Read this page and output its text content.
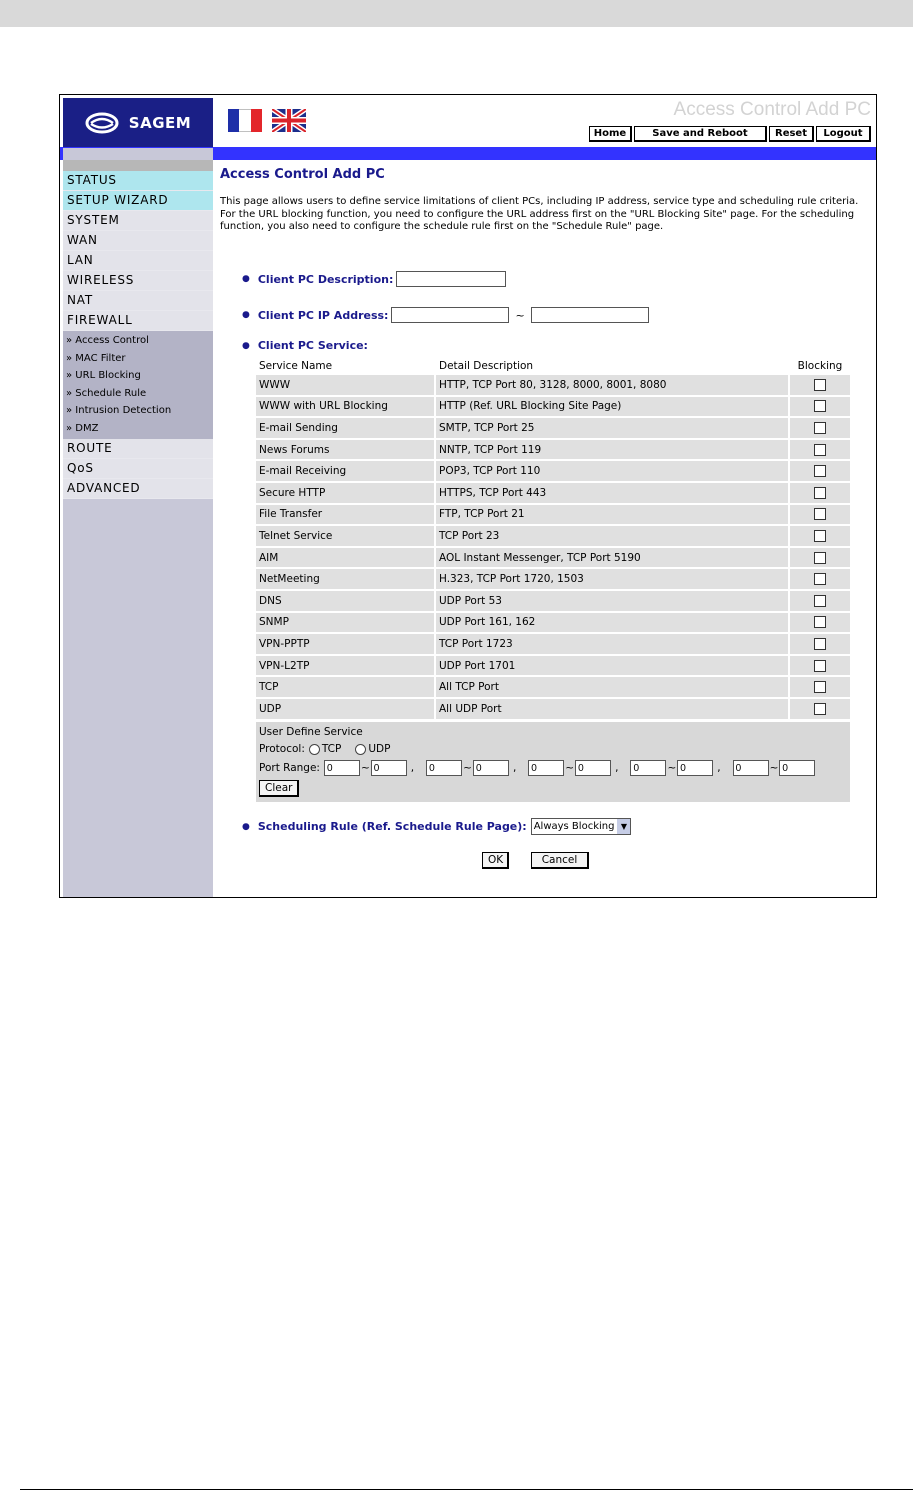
SAGEM
Access Control Add PC
Home	Save and Reboot	Reset	Logout
STATUS
SETUP WIZARD
SYSTEM
WAN
LAN
WIRELESS
NAT
FIREWALL
» Access Control
» MAC Filter
» URL Blocking
» Schedule Rule
» Intrusion Detection
» DMZ
ROUTE
QoS
ADVANCED
Access Control Add PC
This page allows users to define service limitations of client PCs, including IP address, service type and scheduling rule criteria. For the URL blocking function, you need to configure the URL address first on the "URL Blocking Site" page. For the scheduling function, you also need to configure the schedule rule first on the "Schedule Rule" page.
● Client PC Description:
● Client PC IP Address:	~
● Client PC Service:
Service Name	Detail Description	Blocking
WWW	HTTP, TCP Port 80, 3128, 8000, 8001, 8080	
WWW with URL Blocking	HTTP (Ref. URL Blocking Site Page)	
E-mail Sending	SMTP, TCP Port 25	
News Forums	NNTP, TCP Port 119	
E-mail Receiving	POP3, TCP Port 110	
Secure HTTP	HTTPS, TCP Port 443	
File Transfer	FTP, TCP Port 21	
Telnet Service	TCP Port 23	
AIM	AOL Instant Messenger, TCP Port 5190	
NetMeeting	H.323, TCP Port 1720, 1503	
DNS	UDP Port 53	
SNMP	UDP Port 161, 162	
VPN-PPTP	TCP Port 1723	
VPN-L2TP	UDP Port 1701	
TCP	All TCP Port	
UDP	All UDP Port	
User Define Service
Protocol: TCP	UDP
Port Range:
0	~
0	,
0	~
0	,
0	~
0	,
0	~
0	,
0	~
0
Clear
● Scheduling Rule (Ref. Schedule Rule Page): Always Blocking ▼
OK	Cancel
